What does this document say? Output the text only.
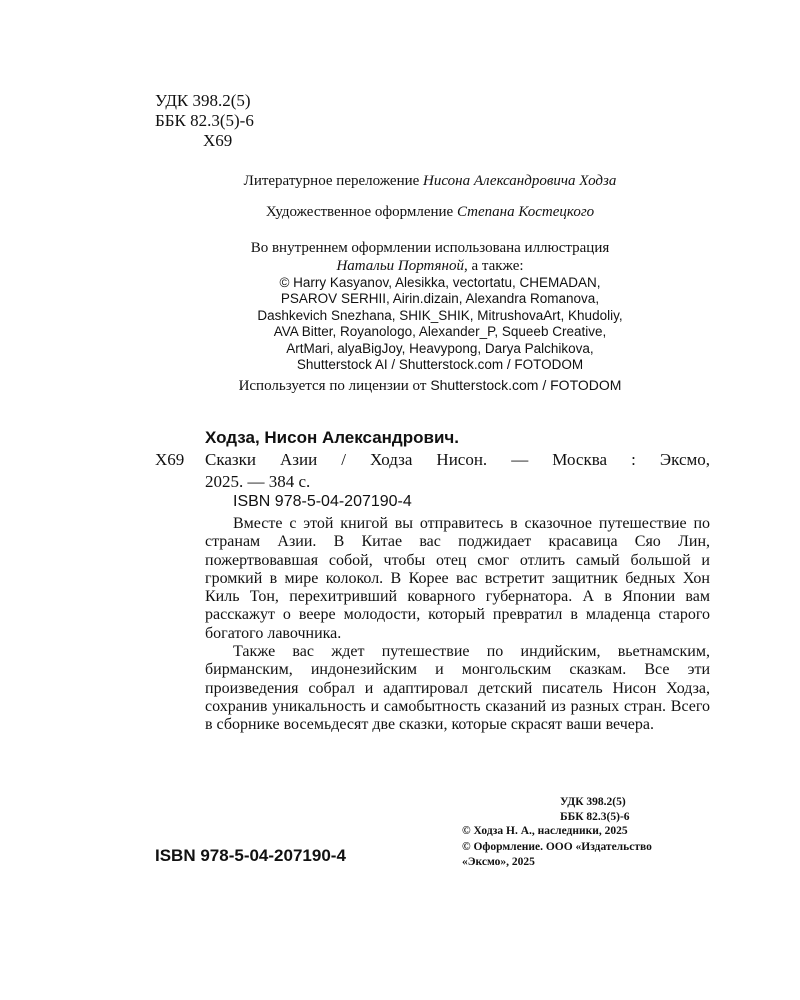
УДК 398.2(5)
ББК 82.3(5)-6
Х69
Литературное переложение Нисона Александровича Ходза
Художественное оформление Степана Костецкого
Во внутреннем оформлении использована иллюстрация
Натальи Портяной, а также:
© Harry Kasyanov, Alesikka, vectortatu, CHEMADAN,
PSAROV SERHII, Airin.dizain, Alexandra Romanova,
Dashkevich Snezhana, SHIK_SHIK, MitrushovaArt, Khudoliy,
AVA Bitter, Royanologo, Alexander_P, Squeeb Creative,
ArtMari, alyaBigJoy, Heavypong, Darya Palchikova,
Shutterstock AI / Shutterstock.com / FOTODOM
Используется по лицензии от Shutterstock.com / FOTODOM
Ходза, Нисон Александрович.
Х69 Сказки Азии / Ходза Нисон. — Москва : Эксмо,
2025. — 384 с.
ISBN 978-5-04-207190-4

Вместе с этой книгой вы отправитесь в сказочное путешествие по странам Азии. В Китае вас поджидает красавица Сяо Лин, пожертвовавшая собой, чтобы отец смог отлить самый большой и громкий в мире колокол. В Корее вас встретит защитник бедных Хон Киль Тон, перехитривший коварного губернатора. А в Японии вам расскажут о веере молодости, который превратил в младенца старого богатого лавочника.

Также вас ждет путешествие по индийским, вьетнамским, бирманским, индонезийским и монгольским сказкам. Все эти произведения собрал и адаптировал детский писатель Нисон Ходза, сохранив уникальность и самобытность сказаний из разных стран. Всего в сборнике восемьдесят две сказки, которые скрасят ваши вечера.

УДК 398.2(5)
ББК 82.3(5)-6
ISBN 978-5-04-207190-4
© Ходза Н. А., наследники, 2025
© Оформление. ООО «Издательство
«Эксмо», 2025
